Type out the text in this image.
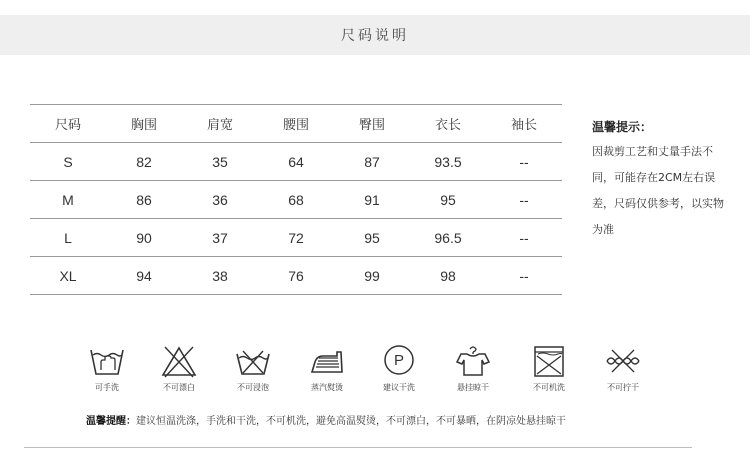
尺码说明
尺码	胸围	肩宽	腰围	臀围	衣长	袖长
S	82	35	64	87	93.5	--
M	86	36	68	91	95	--
L	90	37	72	95	96.5	--
XL	94	38	76	99	98	--
温馨提示：
因裁剪工艺和丈量手法不同，可能存在2CM左右误差，尺码仅供参考，以实物为准
可手洗	不可漂白	不可浸泡	蒸汽熨烫
P
建议干洗	悬挂晾干	不可机洗	不可拧干
温馨提醒：建议恒温洗涤，手洗和干洗，不可机洗，避免高温熨烫，不可漂白，不可暴晒，在阴凉处悬挂晾干
